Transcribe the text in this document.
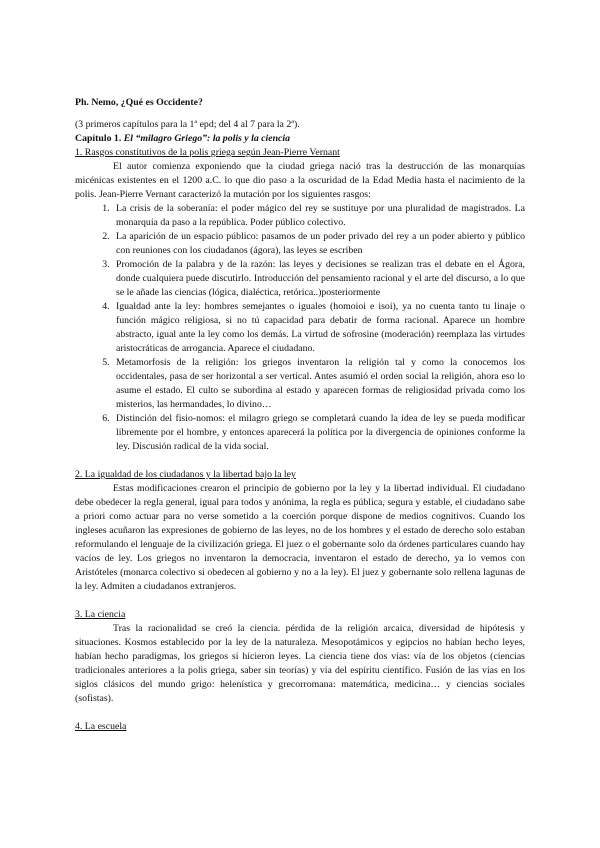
Ph. Nemo, ¿Qué es Occidente?

(3 primeros capítulos para la 1ª epd; del 4 al 7 para la 2ª).

Capítulo 1. El “milagro Griego”: la polis y la ciencia
1. Rasgos constitutivos de la polis griega según Jean-Pierre Vernant

El autor comienza exponiendo que la ciudad griega nació tras la destrucción de las monarquías micénicas existentes en el 1200 a.C. lo que dio paso a la oscuridad de la Edad Media hasta el nacimiento de la polis. Jean-Pierre Vernant caracterizó la mutación por los siguientes rasgos:

1. La crisis de la soberanía: el poder mágico del rey se sustituye por una pluralidad de magistrados. La monarquía da paso a la república. Poder público colectivo.
2. La aparición de un espacio público: pasamos de un poder privado del rey a un poder abierto y público con reuniones con los ciudadanos (ágora), las leyes se escriben
3. Promoción de la palabra y de la razón: las leyes y decisiones se realizan tras el debate en el Ágora, donde cualquiera puede discutirlo. Introducción del pensamiento racional y el arte del discurso, a lo que se le añade las ciencias (lógica, dialéctica, retórica..)posteriormente
4. Igualdad ante la ley: hombres semejantes o iguales (homoioi e isoi), ya no cuenta tanto tu linaje o función mágico religiosa, si no tú capacidad para debatir de forma racional. Aparece un hombre abstracto, igual ante la ley como los demás. La virtud de sofrosine (moderación) reemplaza las virtudes aristocráticas de arrogancia. Aparece el ciudadano.
5. Metamorfosis de la religión: los griegos inventaron la religión tal y como la conocemos los occidentales, pasa de ser horizontal a ser vertical. Antes asumió el orden social la religión, ahora eso lo asume el estado. El culto se subordina al estado y aparecen formas de religiosidad privada como los misterios, las hermandades, lo divino…
6. Distinción del fisio-nomos: el milagro griego se completará cuando la idea de ley se pueda modificar libremente por el hombre, y entonces aparecerá la política por la divergencia de opiniones conforme la ley. Discusión radical de la vida social.
2. La igualdad de los ciudadanos y la libertad bajo la ley

Estas modificaciones crearon el principio de gobierno por la ley y la libertad individual. El ciudadano debe obedecer la regla general, igual para todos y anónima, la regla es pública, segura y estable, el ciudadano sabe a priori como actuar para no verse sometido a la coerción porque dispone de medios cognitivos. Cuando los ingleses acuñaron las expresiones de gobierno de las leyes, no de los hombres y el estado de derecho solo estaban reformulando el lenguaje de la civilización griega. El juez o el gobernante solo da órdenes particulares cuando hay vacíos de ley. Los griegos no inventaron la democracia, inventaron el estado de derecho, ya lo vemos con Aristóteles (monarca colectivo si obedecen al gobierno y no a la ley). El juez y gobernante solo rellena lagunas de la ley. Admiten a ciudadanos extranjeros.

3. La ciencia

Tras la racionalidad se creó la ciencia. pérdida de la religión arcaica, diversidad de hipótesis y situaciones. Kosmos establecido por la ley de la naturaleza. Mesopotámicos y egipcios no habían hecho leyes, habían hecho paradigmas, los griegos sí hicieron leyes. La ciencia tiene dos vías: vía de los objetos (ciencias tradicionales anteriores a la polis griega, saber sin teorías) y vía del espíritu científico. Fusión de las vías en los siglos clásicos del mundo grigo: helenística y grecorromana: matemática, medicina… y ciencias sociales (sofistas).

4. La escuela
